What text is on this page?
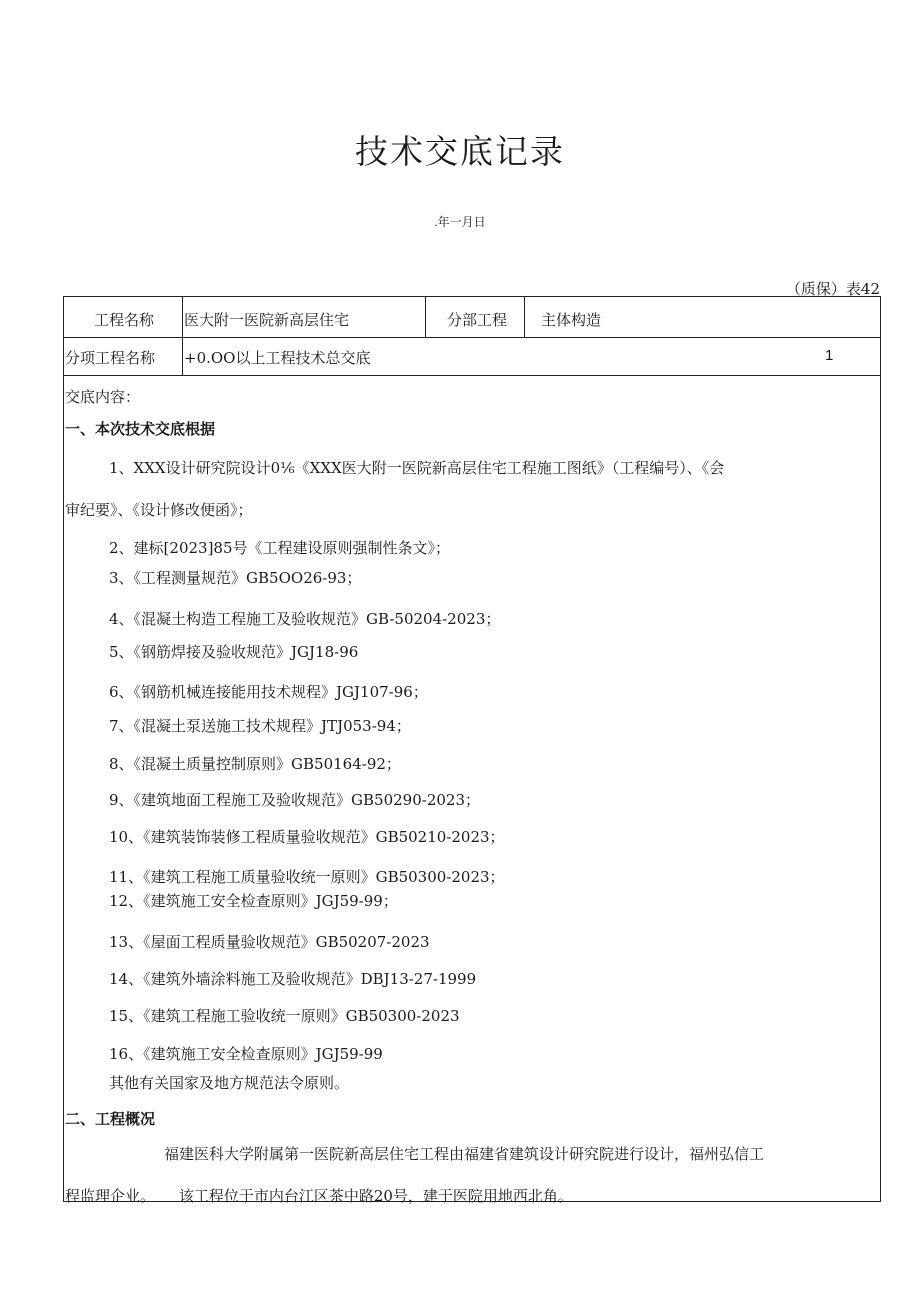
技术交底记录
.年一月日
（质保）表42
工程名称 医大附一医院新高层住宅	分部工程 主体构造
分项工程名称 +0.OO以上工程技术总交底	1
交底内容：
一、本次技术交底根据
1、XXX设计研究院设计0⅙《XXX医大附一医院新高层住宅工程施工图纸》（工程编号）、《会
审纪要》、《设计修改便函》；
2、建标[2023]85号《工程建设原则强制性条文》；
3、《工程测量规范》GB5OO26-93；
4、《混凝土构造工程施工及验收规范》GB-50204-2023；
5、《钢筋焊接及验收规范》JGJ18-96
6、《钢筋机械连接能用技术规程》JGJ107-96；
7、《混凝土泵送施工技术规程》JTJ053-94；
8、《混凝土质量控制原则》GB50164-92；
9、《建筑地面工程施工及验收规范》GB50290-2023；
10、《建筑装饰装修工程质量验收规范》GB50210-2023；
11、《建筑工程施工质量验收统一原则》GB50300-2023；
12、《建筑施工安全检查原则》JGJ59-99；
13、《屋面工程质量验收规范》GB50207-2023
14、《建筑外墙涂料施工及验收规范》DBJ13-27-1999
15、《建筑工程施工验收统一原则》GB50300-2023
16、《建筑施工安全检查原则》JGJ59-99
其他有关国家及地方规范法令原则。
二、工程概况
福建医科大学附属第一医院新高层住宅工程由福建省建筑设计研究院进行设计，福州弘信工
程监理企业。     该工程位于市内台江区茶中路20号，建于医院用地西北角。
